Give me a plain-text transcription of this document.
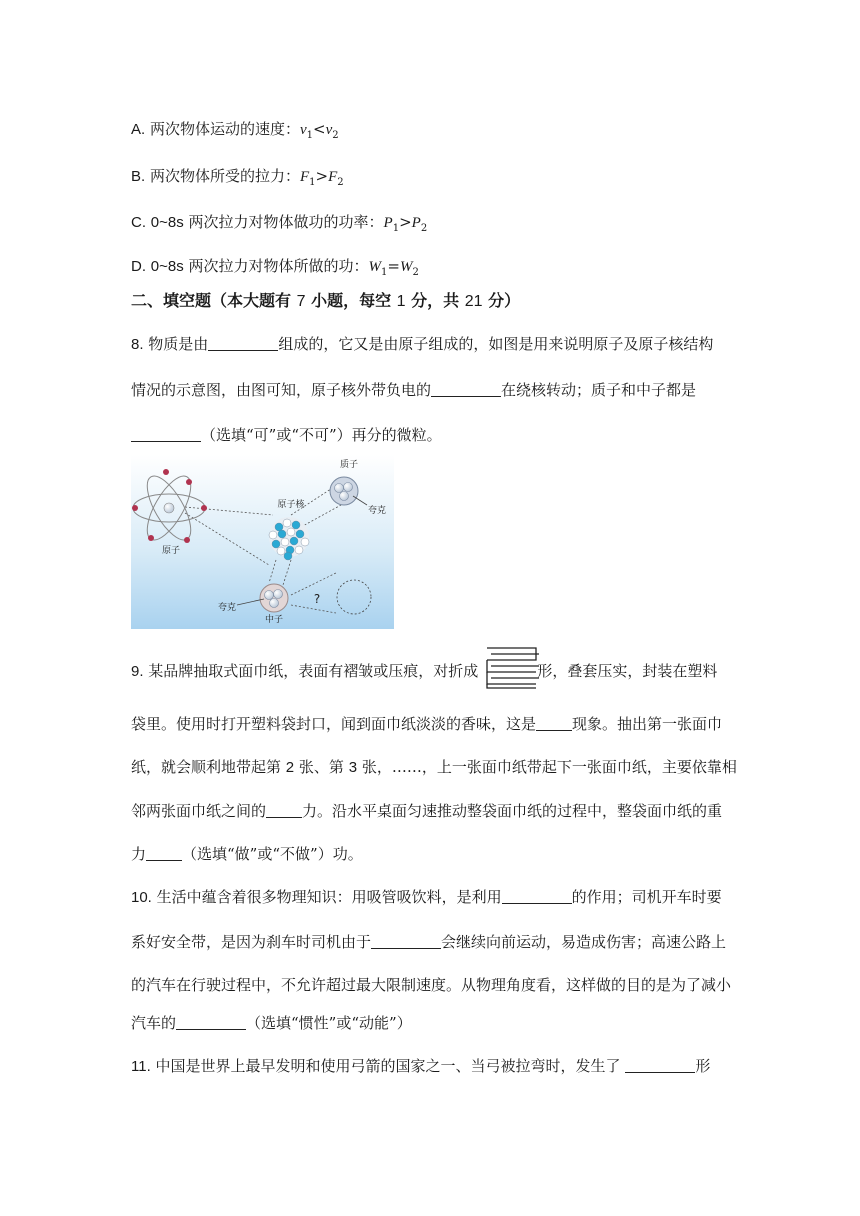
A. 两次物体运动的速度：$v_1<v_2$
B. 两次物体所受的拉力：$F_1>F_2$
C. 0~8s 两次拉力对物体做功的功率：$P_1>P_2$
D. 0~8s 两次拉力对物体所做的功：$W_1=W_2$
二、填空题（本大题有 7 小题，每空 1 分，共 21 分）
8. 物质是由	组成的，它又是由原子组成的，如图是用来说明原子及原子核结构
情况的示意图，由图可知，原子核外带负电的	在绕核转动；质子和中子都是
（选填“可”或“不可”）再分的微粒。
原子
原子核
质子
夸克
夸克
中子
?
9. 某品牌抽取式面巾纸，表面有褶皱或压痕，对折成	形，叠套压实，封装在塑料
袋里。使用时打开塑料袋封口，闻到面巾纸淡淡的香味，这是 现象。抽出第一张面巾
纸，就会顺利地带起第 2 张、第 3 张，……，上一张面巾纸带起下一张面巾纸，主要依靠相
邻两张面巾纸之间的 力。沿水平桌面匀速推动整袋面巾纸的过程中，整袋面巾纸的重
力 （选填“做”或“不做”）功。
10. 生活中蕴含着很多物理知识：用吸管吸饮料，是利用	的作用；司机开车时要
系好安全带，是因为刹车时司机由于	会继续向前运动，易造成伤害；高速公路上
的汽车在行驶过程中，不允许超过最大限制速度。从物理角度看，这样做的目的是为了减小
汽车的	（选填“惯性”或“动能”）
11. 中国是世界上最早发明和使用弓箭的国家之一、当弓被拉弯时，发生了	形
